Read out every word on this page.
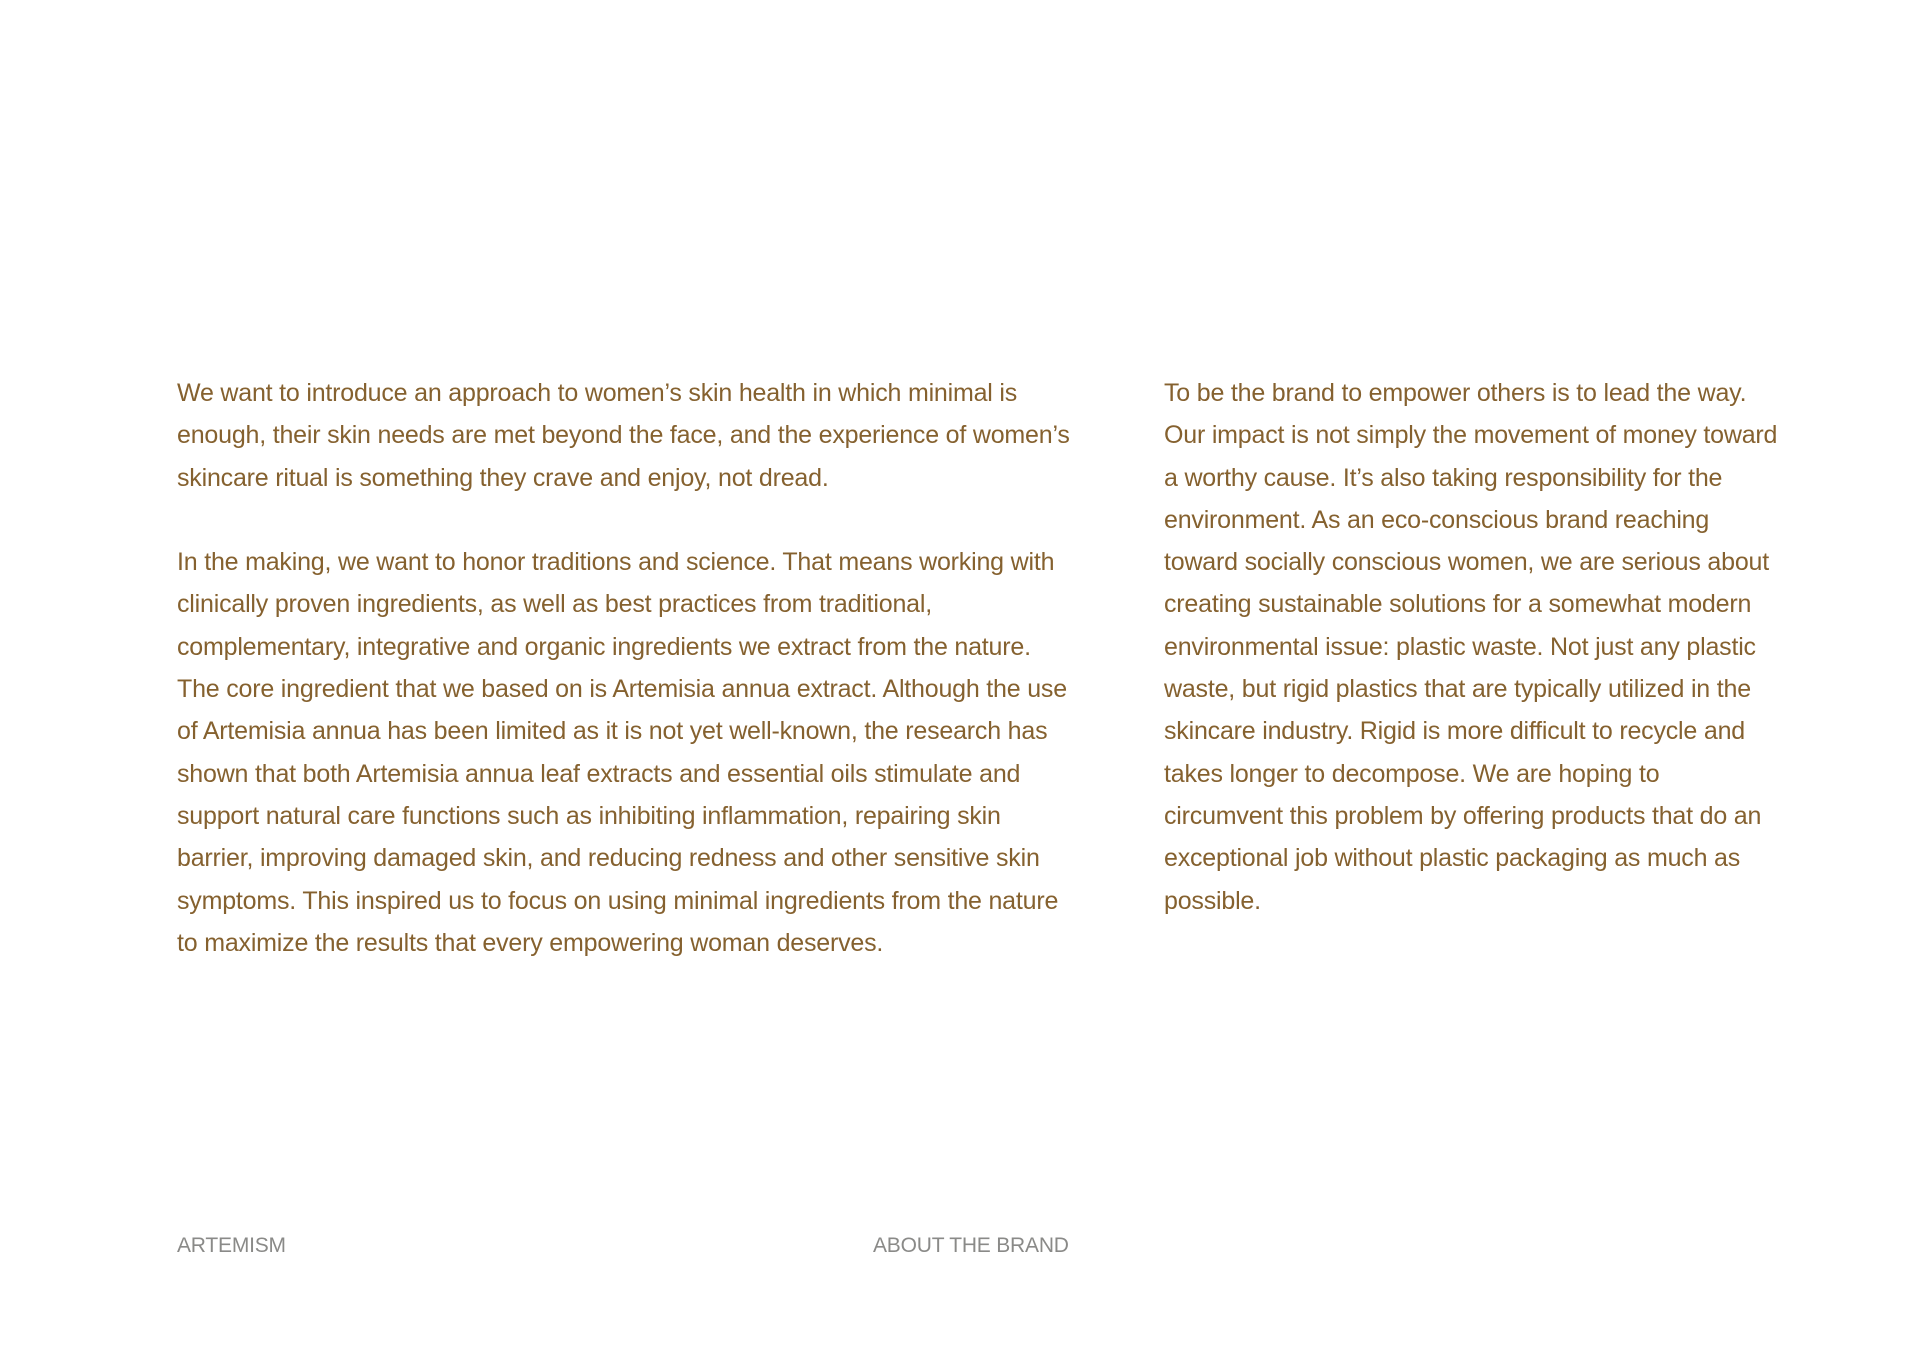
We want to introduce an approach to women’s skin health in which minimal is enough, their skin needs are met beyond the face, and the experience of women’s skincare ritual is something they crave and enjoy, not dread.

In the making, we want to honor traditions and science. That means working with clinically proven ingredients, as well as best practices from traditional, complementary, integrative and organic ingredients we extract from the nature. The core ingredient that we based on is Artemisia annua extract. Although the use of Artemisia annua has been limited as it is not yet well-known, the research has shown that both Artemisia annua leaf extracts and essential oils stimulate and support natural care functions such as inhibiting inflammation, repairing skin barrier, improving damaged skin, and reducing redness and other sensitive skin symptoms. This inspired us to focus on using minimal ingredients from the nature to maximize the results that every empowering woman deserves.

To be the brand to empower others is to lead the way. Our impact is not simply the movement of money toward a worthy cause. It’s also taking responsibility for the environment. As an eco-conscious brand reaching toward socially conscious women, we are serious about creating sustainable solutions for a somewhat modern environmental issue: plastic waste. Not just any plastic waste, but rigid plastics that are typically utilized in the skincare industry. Rigid is more difficult to recycle and takes longer to decompose. We are hoping to circumvent this problem by offering products that do an exceptional job without plastic packaging as much as possible.

ARTEMISM	ABOUT THE BRAND
